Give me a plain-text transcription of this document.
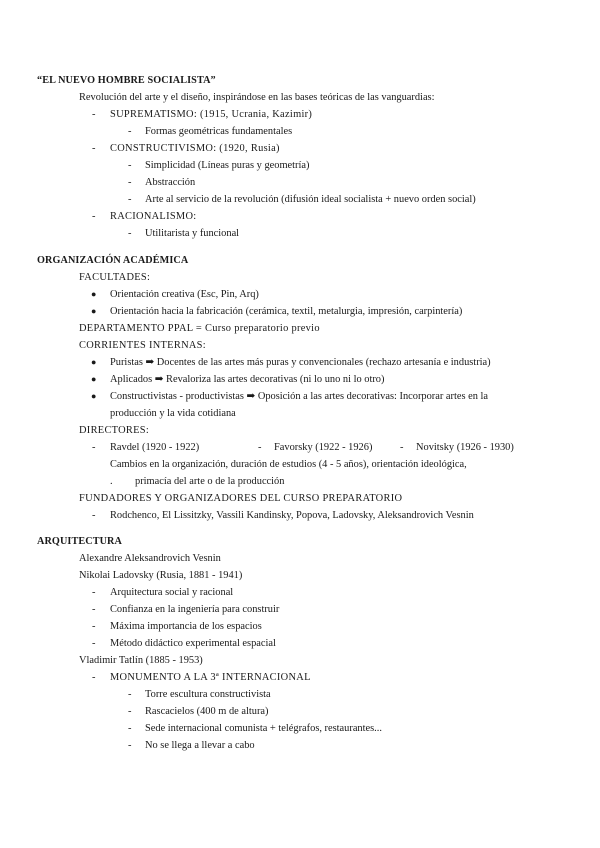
“EL NUEVO HOMBRE SOCIALISTA”
Revolución del arte y el diseño, inspirándose en las bases teóricas de las vanguardias:
-	SUPREMATISMO: (1915, Ucrania, Kazimir)
-	Formas geométricas fundamentales
-	CONSTRUCTIVISMO: (1920, Rusia)
-	Simplicidad (Líneas puras y geometría)
-	Abstracción
-	Arte al servicio de la revolución (difusión ideal socialista + nuevo orden social)
-	RACIONALISMO:
-	Utilitarista y funcional
ORGANIZACIÓN ACADÉMICA
FACULTADES:
●	Orientación creativa (Esc, Pin, Arq)
●	Orientación hacia la fabricación (cerámica, textil, metalurgia, impresión, carpintería)
DEPARTAMENTO PPAL = Curso preparatorio previo
CORRIENTES INTERNAS:
●	Puristas ➡ Docentes de las artes más puras y convencionales (rechazo artesanía e industria)
●	Aplicados ➡ Revaloriza las artes decorativas (ni lo uno ni lo otro)
●	Constructivistas - productivistas ➡ Oposición a las artes decorativas: Incorporar artes en la
producción y la vida cotidiana
DIRECTORES:
-	Ravdel (1920 - 1922)	-	Favorsky (1922 - 1926)	-	Novitsky (1926 - 1930)
Cambios en la organización, duración de estudios (4 - 5 años), orientación ideológica,
. primacía del arte o de la producción
FUNDADORES Y ORGANIZADORES DEL CURSO PREPARATORIO
-	Rodchenco, El Lissitzky, Vassili Kandinsky, Popova, Ladovsky, Aleksandrovich Vesnin
ARQUITECTURA
Alexandre Aleksandrovich Vesnin
Nikolai Ladovsky (Rusia, 1881 - 1941)
-	Arquitectura social y racional
-	Confianza en la ingeniería para construir
-	Máxima importancia de los espacios
-	Método didáctico experimental espacial
Vladimir Tatlín (1885 - 1953)
-	MONUMENTO A LA 3ª INTERNACIONAL
-	Torre escultura constructivista
-	Rascacielos (400 m de altura)
-	Sede internacional comunista + telégrafos, restaurantes...
-	No se llega a llevar a cabo
